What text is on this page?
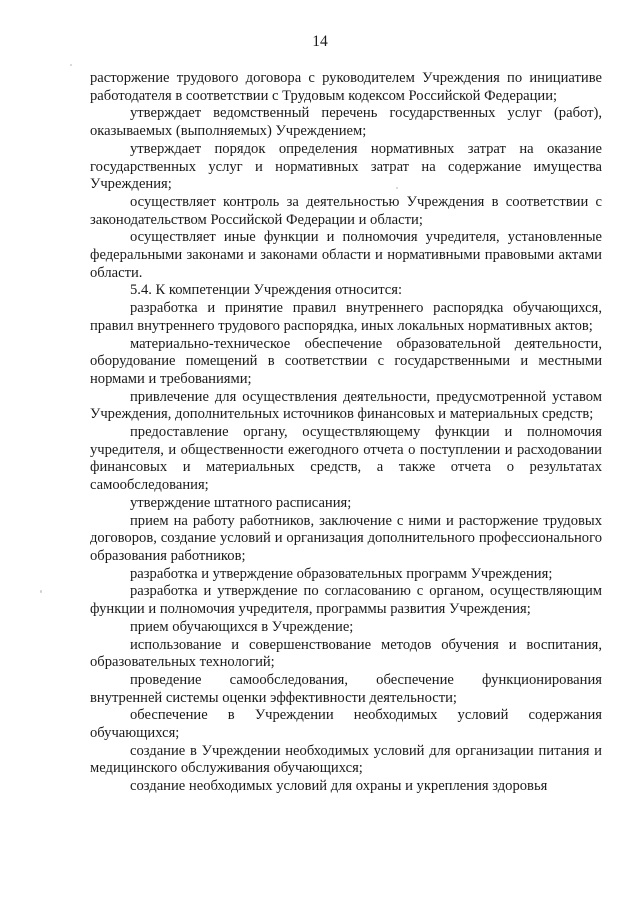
14

расторжение трудового договора с руководителем Учреждения по инициативе работодателя в соответствии с Трудовым кодексом Российской Федерации;

утверждает ведомственный перечень государственных услуг (работ), оказываемых (выполняемых) Учреждением;

утверждает порядок определения нормативных затрат на оказание государственных услуг и нормативных затрат на содержание имущества Учреждения;

осуществляет контроль за деятельностью Учреждения в соответствии с законодательством Российской Федерации и области;

осуществляет иные функции и полномочия учредителя, установленные федеральными законами и законами области и нормативными правовыми актами области.

5.4. К компетенции Учреждения относится:

разработка и принятие правил внутреннего распорядка обучающихся, правил внутреннего трудового распорядка, иных локальных нормативных актов;

материально-техническое обеспечение образовательной деятельности, оборудование помещений в соответствии с государственными и местными нормами и требованиями;

привлечение для осуществления деятельности, предусмотренной уставом Учреждения, дополнительных источников финансовых и материальных средств;

предоставление органу, осуществляющему функции и полномочия учредителя, и общественности ежегодного отчета о поступлении и расходовании финансовых и материальных средств, а также отчета о результатах самообследования;

утверждение штатного расписания;

прием на работу работников, заключение с ними и расторжение трудовых договоров, создание условий и организация дополнительного профессионального образования работников;

разработка и утверждение образовательных программ Учреждения;

разработка и утверждение по согласованию с органом, осуществляющим функции и полномочия учредителя, программы развития Учреждения;

прием обучающихся в Учреждение;

использование и совершенствование методов обучения и воспитания, образовательных технологий;

проведение самообследования, обеспечение функционирования внутренней системы оценки эффективности деятельности;

обеспечение в Учреждении необходимых условий содержания обучающихся;

создание в Учреждении необходимых условий для организации питания и медицинского обслуживания обучающихся;

создание необходимых условий для охраны и укрепления здоровья
